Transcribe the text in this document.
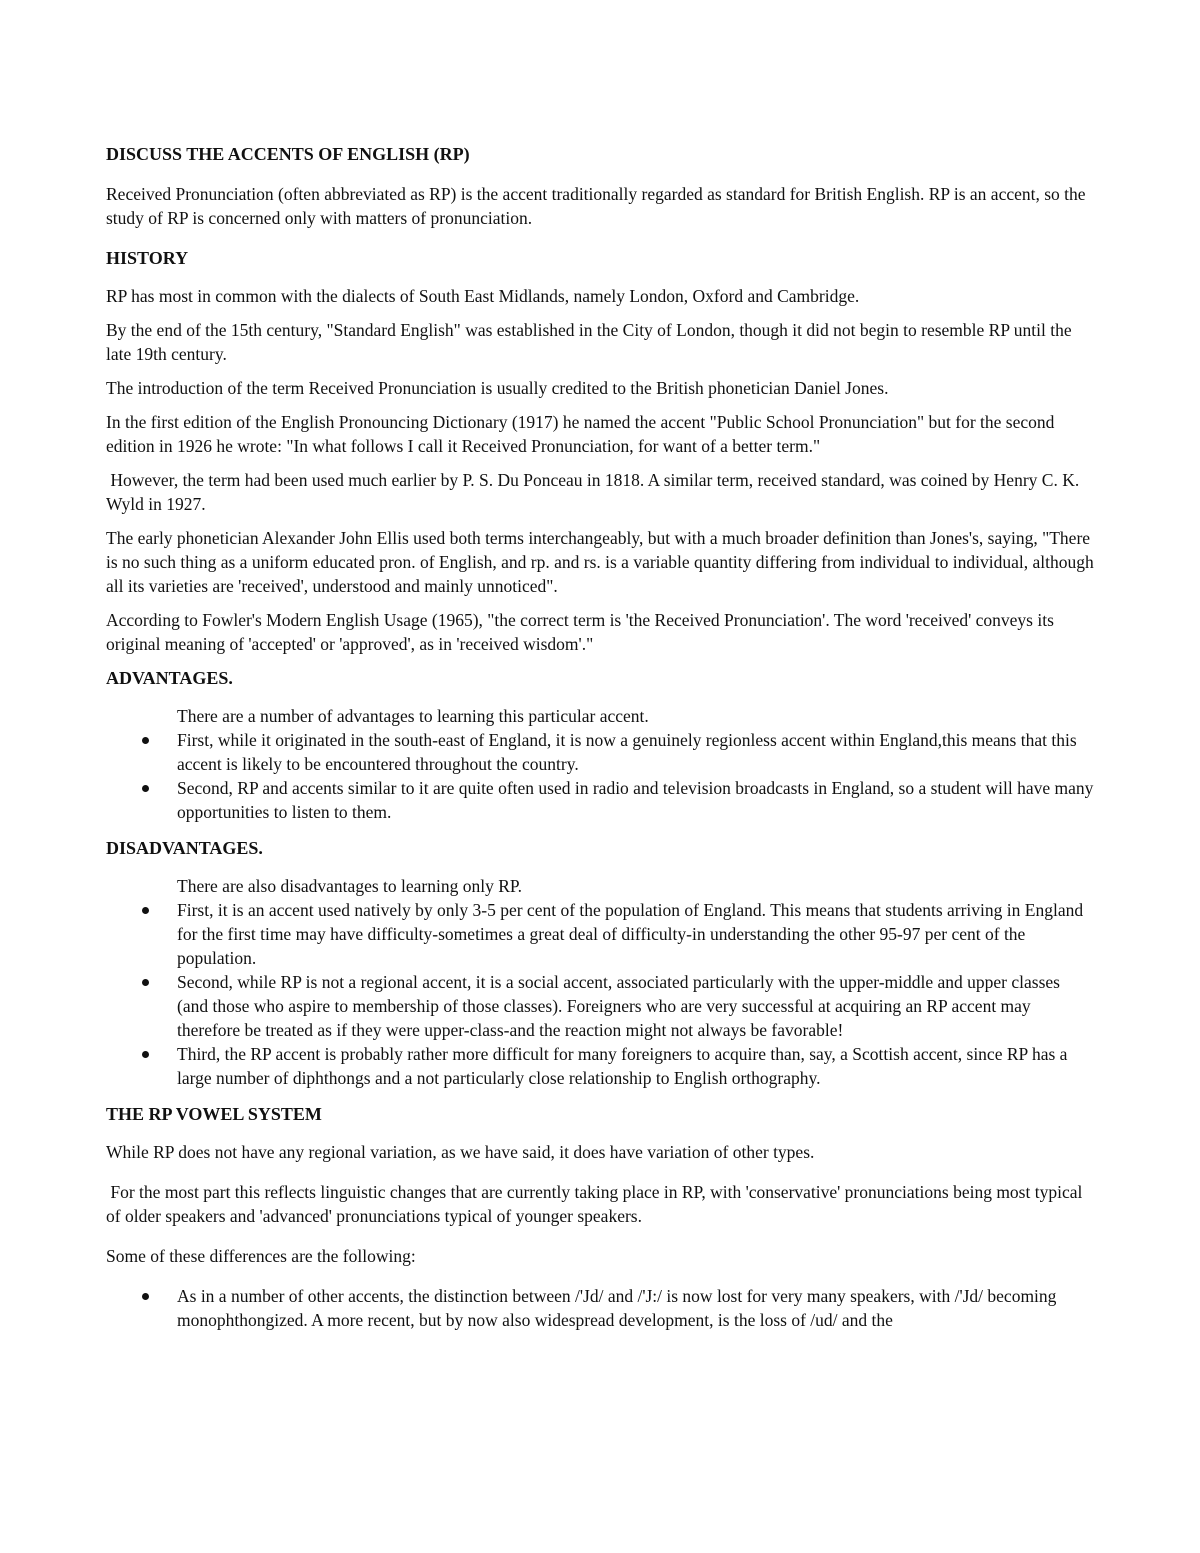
DISCUSS THE ACCENTS OF ENGLISH (RP)

Received Pronunciation (often abbreviated as RP) is the accent traditionally regarded as standard for British English. RP is an accent, so the study of RP is concerned only with matters of pronunciation.

HISTORY

RP has most in common with the dialects of South East Midlands, namely London, Oxford and Cambridge.

By the end of the 15th century, "Standard English" was established in the City of London, though it did not begin to resemble RP until the late 19th century.

The introduction of the term Received Pronunciation is usually credited to the British phonetician Daniel Jones.

In the first edition of the English Pronouncing Dictionary (1917) he named the accent "Public School Pronunciation" but for the second edition in 1926 he wrote: "In what follows I call it Received Pronunciation, for want of a better term."

However, the term had been used much earlier by P. S. Du Ponceau in 1818. A similar term, received standard, was coined by Henry C. K. Wyld in 1927.

The early phonetician Alexander John Ellis used both terms interchangeably, but with a much broader definition than Jones's, saying, "There is no such thing as a uniform educated pron. of English, and rp. and rs. is a variable quantity differing from individual to individual, although all its varieties are 'received', understood and mainly unnoticed".

According to Fowler's Modern English Usage (1965), "the correct term is 'the Received Pronunciation'. The word 'received' conveys its original meaning of 'accepted' or 'approved', as in 'received wisdom'."

ADVANTAGES.
There are a number of advantages to learning this particular accent.
First, while it originated in the south-east of England, it is now a genuinely regionless accent within England,this means that this accent is likely to be encountered throughout the country.
Second, RP and accents similar to it are quite often used in radio and television broadcasts in England, so a student will have many opportunities to listen to them.
DISADVANTAGES.
There are also disadvantages to learning only RP.
First, it is an accent used natively by only 3-5 per cent of the population of England. This means that students arriving in England for the first time may have difficulty-sometimes a great deal of difficulty-in understanding the other 95-97 per cent of the population.
Second, while RP is not a regional accent, it is a social accent, associated particularly with the upper-middle and upper classes (and those who aspire to membership of those classes). Foreigners who are very successful at acquiring an RP accent may therefore be treated as if they were upper-class-and the reaction might not always be favorable!
Third, the RP accent is probably rather more difficult for many foreigners to acquire than, say, a Scottish accent, since RP has a large number of diphthongs and a not particularly close relationship to English orthography.
THE RP VOWEL SYSTEM

While RP does not have any regional variation, as we have said, it does have variation of other types.

For the most part this reflects linguistic changes that are currently taking place in RP, with 'conservative' pronunciations being most typical of older speakers and 'advanced' pronunciations typical of younger speakers.

Some of these differences are the following:

As in a number of other accents, the distinction between /'Jd/ and /'J:/ is now lost for very many speakers, with /'Jd/ becoming monophthongized. A more recent, but by now also widespread development, is the loss of /ud/ and the
